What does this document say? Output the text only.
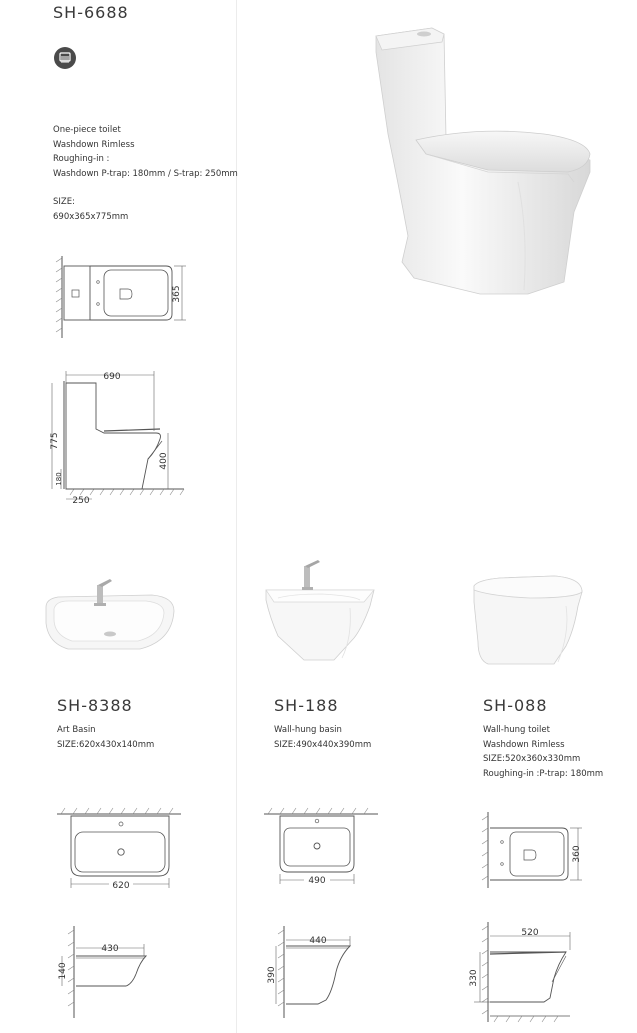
SH-6688
One-piece toilet
Washdown Rimless
Roughing-in :
Washdown P-trap: 180mm / S-trap: 250mm
SIZE:
690x365x775mm
365
690
775
400
180
250
SH-8388	SH-188	SH-088
Art Basin
SIZE:620x430x140mm
Wall-hung basin
SIZE:490x440x390mm
Wall-hung toilet
Washdown Rimless
SIZE:520x360x330mm
Roughing-in :P-trap: 180mm
620	490
360
430
140
440
390
520
330
